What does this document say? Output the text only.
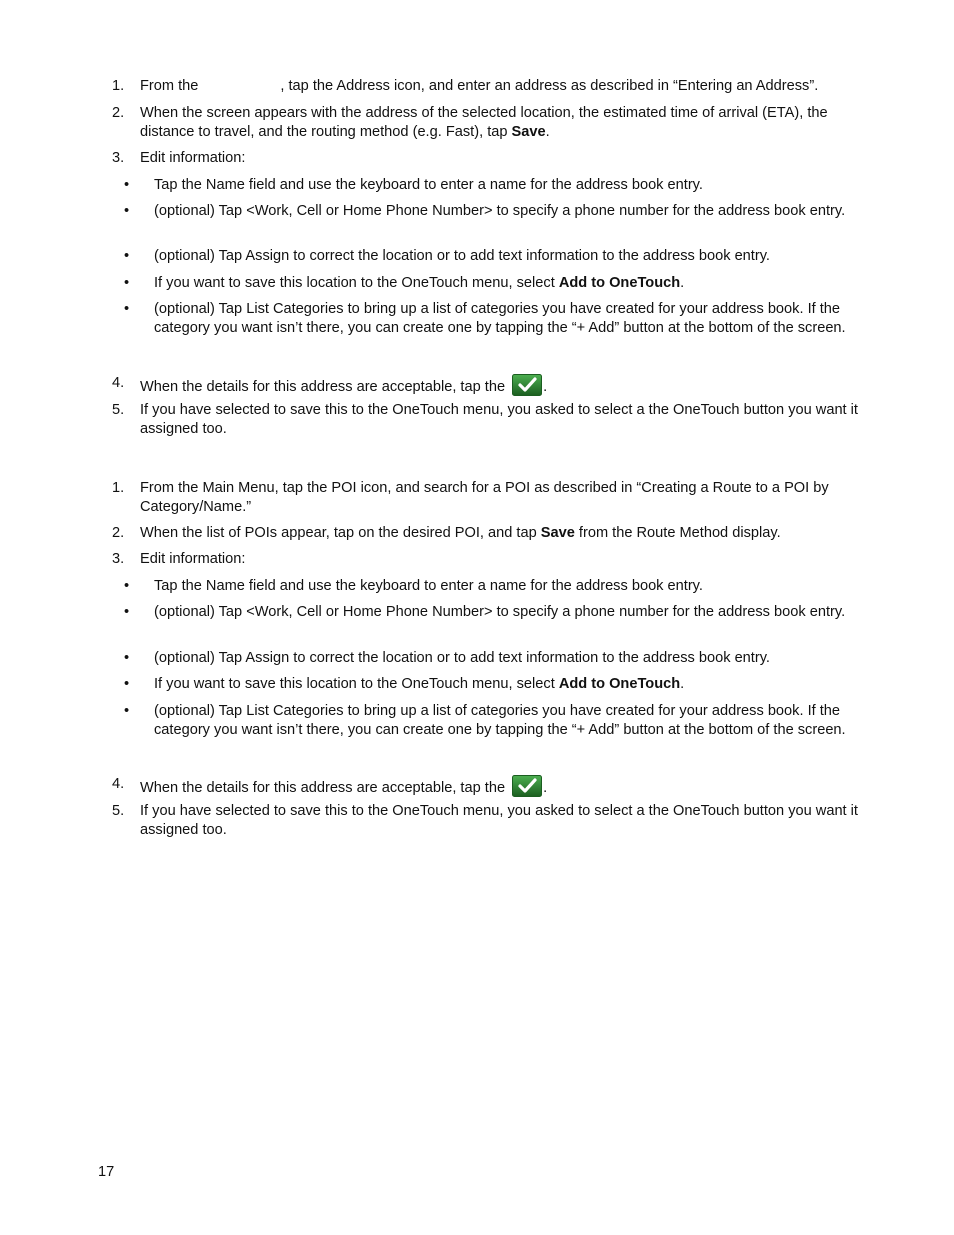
1. From the	, tap the Address icon, and enter an address as described in “Entering an Address”.
2. When the screen appears with the address of the selected location, the estimated time of arrival (ETA), the distance to travel, and the routing method (e.g. Fast), tap Save.
3. Edit information:
• Tap the Name field and use the keyboard to enter a name for the address book entry.
• (optional) Tap <Work, Cell or Home Phone Number> to specify a phone number for the address book entry.
• (optional) Tap Assign to correct the location or to add text information to the address book entry.
• If you want to save this location to the OneTouch menu, select Add to OneTouch.
• (optional) Tap List Categories to bring up a list of categories you have created for your address book. If the category you want isn’t there, you can create one by tapping the “+ Add” button at the bottom of the screen.
4. When the details for this address are acceptable, tap the .
5. If you have selected to save this to the OneTouch menu, you asked to select a the OneTouch button you want it assigned too.
1. From the Main Menu, tap the POI icon, and search for a POI as described in “Creating a Route to a POI by Category/Name.”
2. When the list of POIs appear, tap on the desired POI, and tap Save from the Route Method display.
3. Edit information:
• Tap the Name field and use the keyboard to enter a name for the address book entry.
• (optional) Tap <Work, Cell or Home Phone Number> to specify a phone number for the address book entry.
• (optional) Tap Assign to correct the location or to add text information to the address book entry.
• If you want to save this location to the OneTouch menu, select Add to OneTouch.
• (optional) Tap List Categories to bring up a list of categories you have created for your address book. If the category you want isn’t there, you can create one by tapping the “+ Add” button at the bottom of the screen.
4. When the details for this address are acceptable, tap the .
5. If you have selected to save this to the OneTouch menu, you asked to select a the OneTouch button you want it assigned too.
17
